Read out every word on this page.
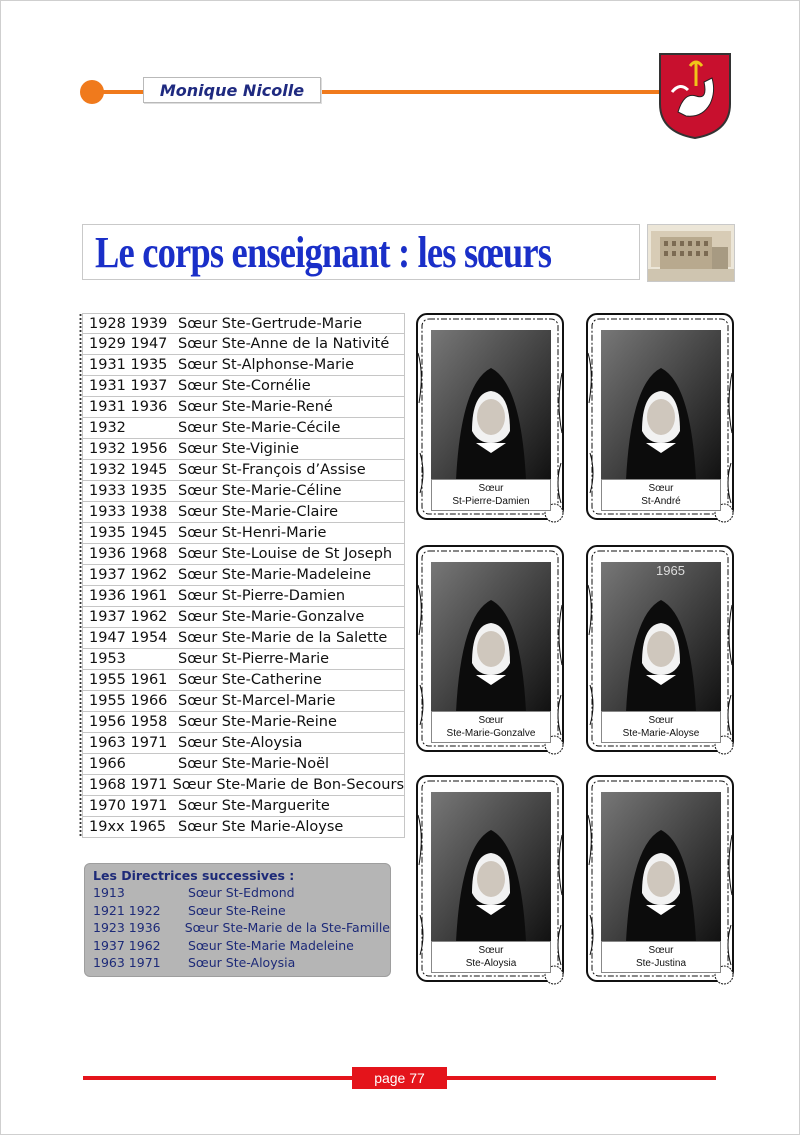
Monique Nicolle
Le corps enseignant : les sœurs
1928 1939 Sœur Ste-Gertrude-Marie
1929 1947 Sœur Ste-Anne de la Nativité
1931 1935 Sœur St-Alphonse-Marie
1931 1937 Sœur Ste-Cornélie
1931 1936 Sœur Ste-Marie-René
1932	Sœur Ste-Marie-Cécile
1932 1956 Sœur Ste-Viginie
1932 1945 Sœur St-François d’Assise
1933 1935 Sœur Ste-Marie-Céline
1933 1938 Sœur Ste-Marie-Claire
1935 1945 Sœur St-Henri-Marie
1936 1968 Sœur Ste-Louise de St Joseph
1937 1962 Sœur Ste-Marie-Madeleine
1936 1961 Sœur St-Pierre-Damien
1937 1962 Sœur Ste-Marie-Gonzalve
1947 1954 Sœur Ste-Marie de la Salette
1953	Sœur St-Pierre-Marie
1955 1961 Sœur Ste-Catherine
1955 1966 Sœur St-Marcel-Marie
1956 1958 Sœur Ste-Marie-Reine
1963 1971 Sœur Ste-Aloysia
1966	Sœur Ste-Marie-Noël
1968 1971 Sœur Ste-Marie de Bon-Secours
1970 1971 Sœur Ste-Marguerite
19xx 1965 Sœur Ste Marie-Aloyse
Les Directrices successives :
1913	Sœur St-Edmond
1921 1922	Sœur Ste-Reine
1923 1936	Sœur Ste-Marie de la Ste-Famille
1937 1962	Sœur Ste-Marie Madeleine
1963 1971	Sœur Ste-Aloysia
Sœur
St-Pierre-Damien
Sœur
St-André
Sœur
Ste-Marie-Gonzalve
Sœur
Ste-Marie-Aloyse
1965
Sœur
Ste-Aloysia
Sœur
Ste-Justina
page 77
